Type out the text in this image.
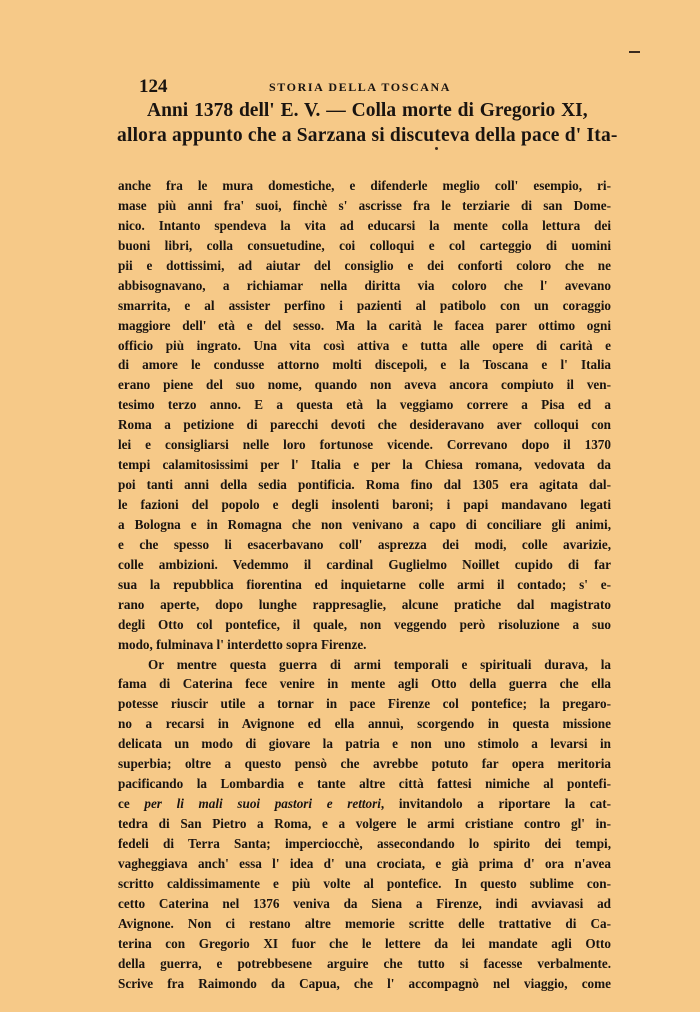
124	STORIA DELLA TOSCANA
Anni 1378 dell' E. V. — Colla morte di Gregorio XI,
allora appunto che a Sarzana si discuteva della pace d' Ita-
anche fra le mura domestiche, e difenderle meglio coll' esempio, ri-
mase più anni fra' suoi, finchè s' ascrisse fra le terziarie di san Dome-
nico. Intanto spendeva la vita ad educarsi la mente colla lettura dei
buoni libri, colla consuetudine, coi colloqui e col carteggio di uomini
pii e dottissimi, ad aiutar del consiglio e dei conforti coloro che ne
abbisognavano, a richiamar nella diritta via coloro che l' avevano
smarrita, e al assister perfino i pazienti al patibolo con un coraggio
maggiore dell' età e del sesso. Ma la carità le facea parer ottimo ogni
officio più ingrato. Una vita così attiva e tutta alle opere di carità e
di amore le condusse attorno molti discepoli, e la Toscana e l' Italia
erano piene del suo nome, quando non aveva ancora compiuto il ven-
tesimo terzo anno. E a questa età la veggiamo correre a Pisa ed a
Roma a petizione di parecchi devoti che desideravano aver colloqui con
lei e consigliarsi nelle loro fortunose vicende. Correvano dopo il 1370
tempi calamitosissimi per l' Italia e per la Chiesa romana, vedovata da
poi tanti anni della sedia pontificia. Roma fino dal 1305 era agitata dal-
le fazioni del popolo e degli insolenti baroni; i papi mandavano legati
a Bologna e in Romagna che non venivano a capo di conciliare gli animi,
e che spesso li esacerbavano coll' asprezza dei modi, colle avarizie,
colle ambizioni. Vedemmo il cardinal Guglielmo Noillet cupido di far
sua la repubblica fiorentina ed inquietarne colle armi il contado; s' e-
rano aperte, dopo lunghe rappresaglie, alcune pratiche dal magistrato
degli Otto col pontefice, il quale, non veggendo però risoluzione a suo
modo, fulminava l' interdetto sopra Firenze.
Or mentre questa guerra di armi temporali e spirituali durava, la
fama di Caterina fece venire in mente agli Otto della guerra che ella
potesse riuscir utile a tornar in pace Firenze col pontefice; la pregaro-
no a recarsi in Avignone ed ella annuì, scorgendo in questa missione
delicata un modo di giovare la patria e non uno stimolo a levarsi in
superbia; oltre a questo pensò che avrebbe potuto far opera meritoria
pacificando la Lombardia e tante altre città fattesi nimiche al pontefi-
ce per li mali suoi pastori e rettori, invitandolo a riportare la cat-
tedra di San Pietro a Roma, e a volgere le armi cristiane contro gl' in-
fedeli di Terra Santa; imperciocchè, assecondando lo spirito dei tempi,
vagheggiava anch' essa l' idea d' una crociata, e già prima d' ora n'avea
scritto caldissimamente e più volte al pontefice. In questo sublime con-
cetto Caterina nel 1376 veniva da Siena a Firenze, indi avviavasi ad
Avignone. Non ci restano altre memorie scritte delle trattative di Ca-
terina con Gregorio XI fuor che le lettere da lei mandate agli Otto
della guerra, e potrebbesene arguire che tutto si facesse verbalmente.
Scrive fra Raimondo da Capua, che l' accompagnò nel viaggio, come
